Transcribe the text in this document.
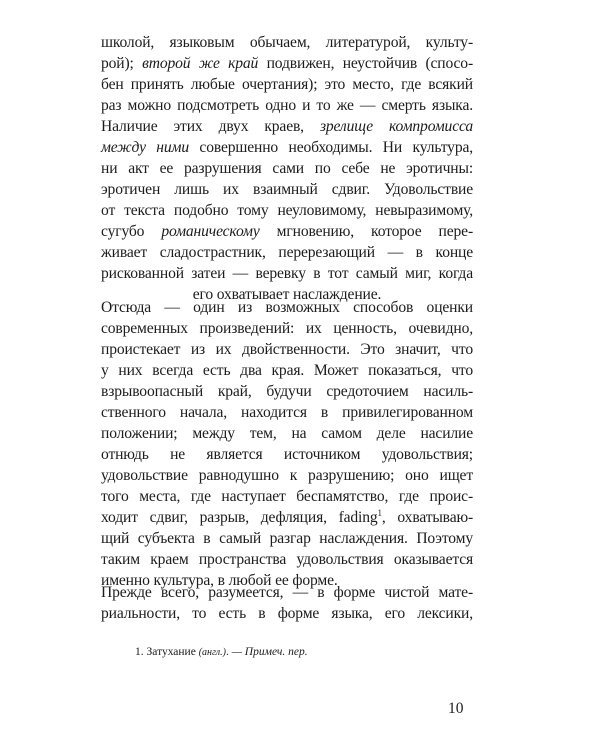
школой, языковым обычаем, литературой, культу-
рой); второй же край подвижен, неустойчив (спосо-
бен принять любые очертания); это место, где всякий
раз можно подсмотреть одно и то же — смерть языка.
Наличие этих двух краев, зрелище компромисса
между ними совершенно необходимы. Ни культура,
ни акт ее разрушения сами по себе не эротичны:
эротичен лишь их взаимный сдвиг. Удовольствие
от текста подобно тому неуловимому, невыразимому,
сугубо романическому мгновению, которое пере-
живает сладострастник, перерезающий — в конце
рискованной затеи — веревку в тот самый миг, когда
его охватывает наслаждение.
Отсюда — один из возможных способов оценки
современных произведений: их ценность, очевидно,
проистекает из их двойственности. Это значит, что
у них всегда есть два края. Может показаться, что
взрывоопасный край, будучи средоточием насиль-
ственного начала, находится в привилегированном
положении; между тем, на самом деле насилие
отнюдь не является источником удовольствия;
удовольствие равнодушно к разрушению; оно ищет
того места, где наступает беспамятство, где проис-
ходит сдвиг, разрыв, дефляция, fading$^1$, охватываю-
щий субъекта в самый разгар наслаждения. Поэтому
таким краем пространства удовольствия оказывается
именно культура, в любой ее форме.
Прежде всего, разумеется, — в форме чистой мате-
риальности, то есть в форме языка, его лексики,
1. Затухание (англ.). — Примеч. пер.
10
